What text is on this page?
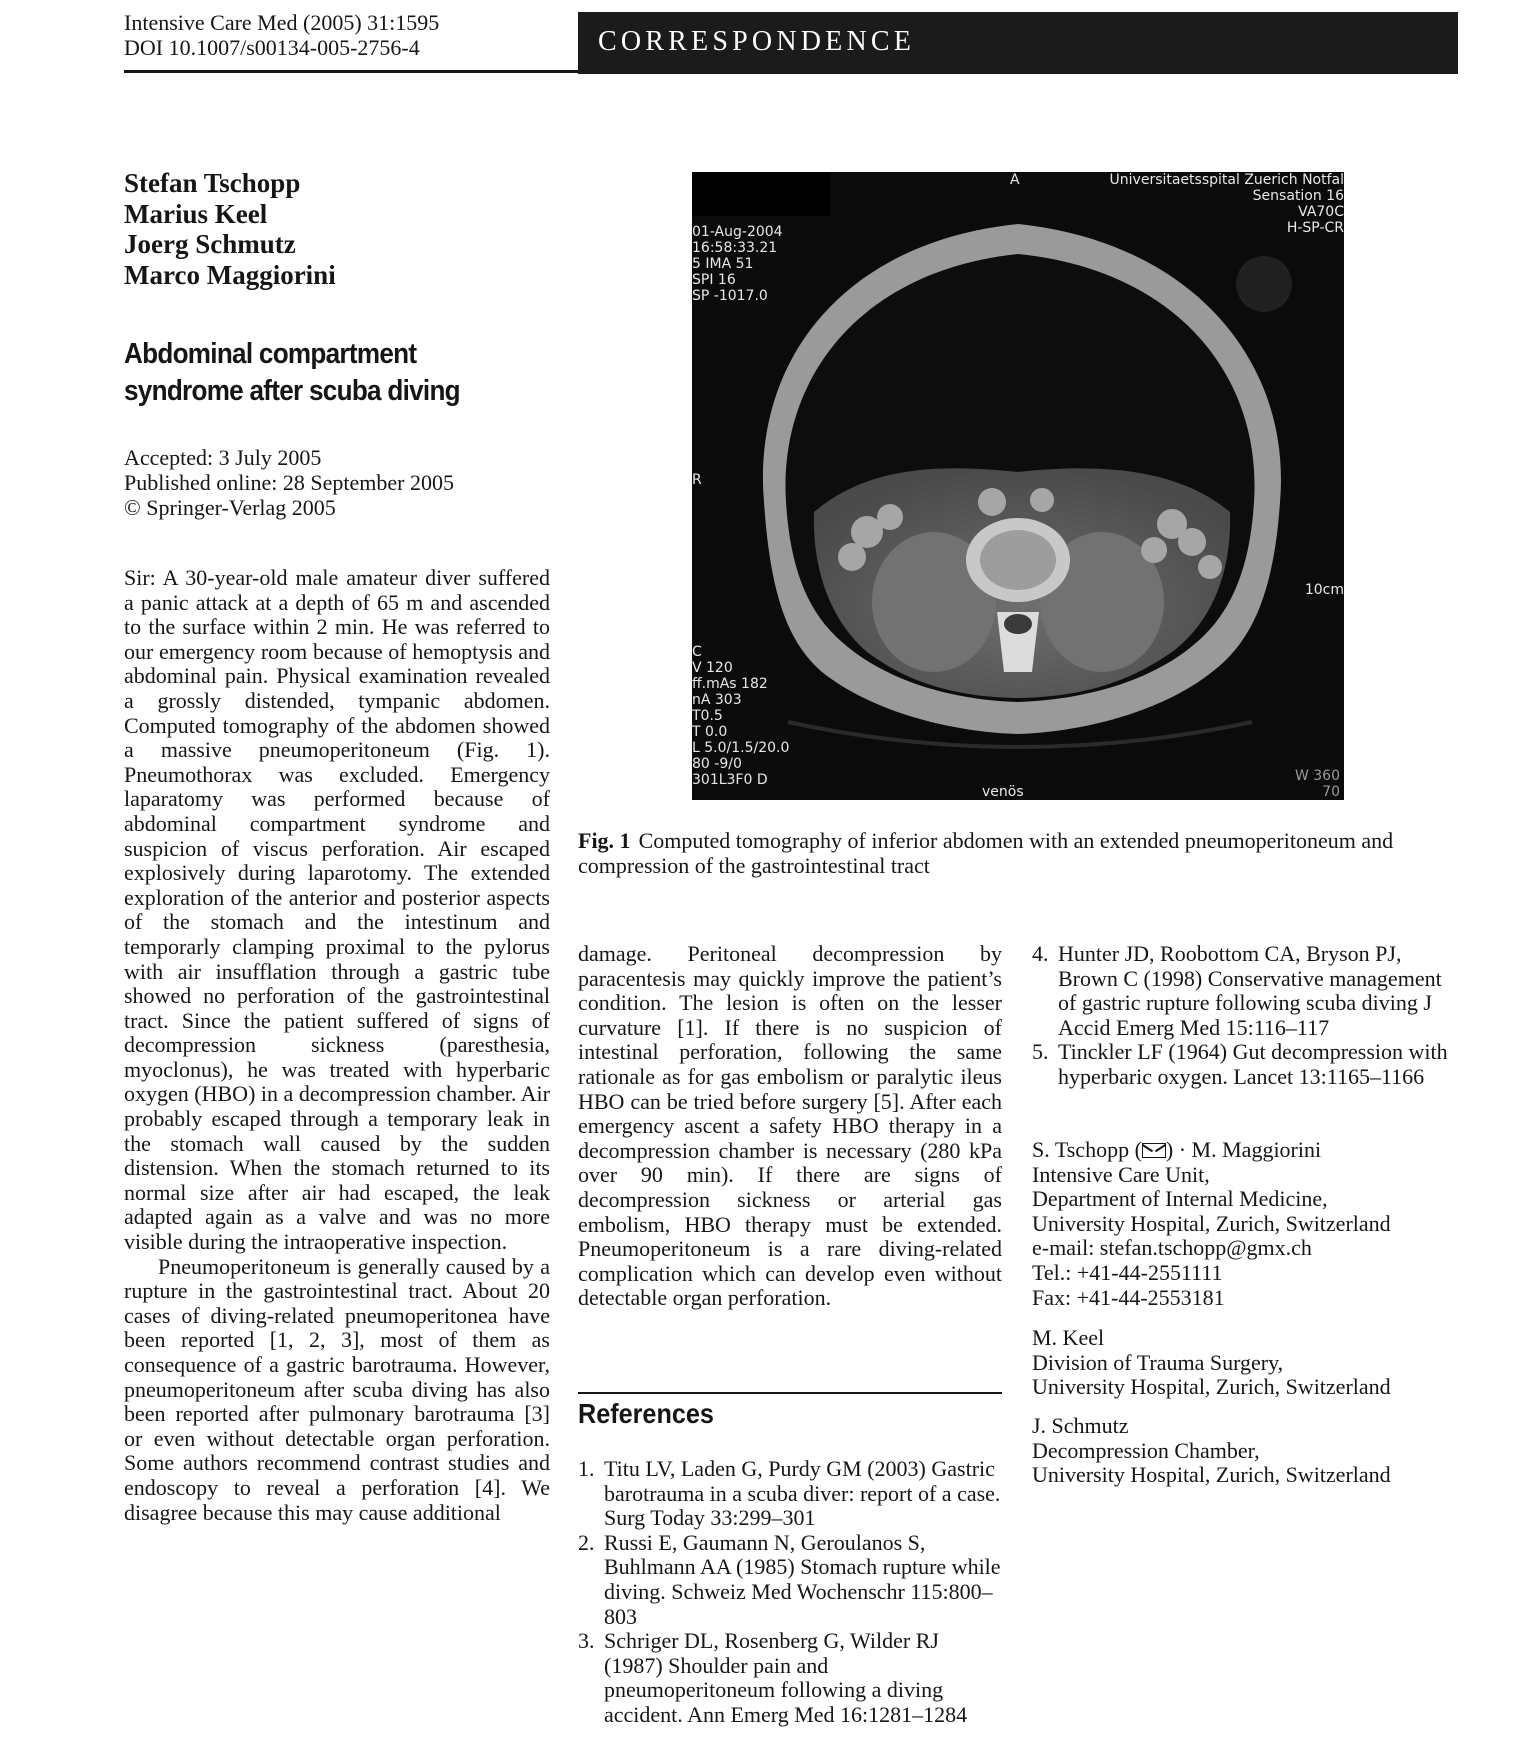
Intensive Care Med (2005) 31:1595
DOI 10.1007/s00134-005-2756-4	CORRESPONDENCE
Stefan Tschopp
Marius Keel
Joerg Schmutz
Marco Maggiorini
Abdominal compartment
syndrome after scuba diving
Accepted: 3 July 2005
Published online: 28 September 2005
© Springer-Verlag 2005

Sir: A 30-year-old male amateur diver suffered a panic attack at a depth of 65 m and ascended to the surface within 2 min. He was referred to our emergency room because of hemoptysis and abdominal pain. Physical examination revealed a grossly distended, tympanic abdomen. Computed tomography of the abdomen showed a massive pneumoperitoneum (Fig. 1). Pneumothorax was excluded. Emergency laparatomy was performed because of abdominal compartment syndrome and suspicion of viscus perforation. Air escaped explosively during laparotomy. The extended exploration of the anterior and posterior aspects of the stomach and the intestinum and temporarly clamping proximal to the pylorus with air insufflation through a gastric tube showed no perforation of the gastrointestinal tract. Since the patient suffered of signs of decompression sickness (paresthesia, myoclonus), he was treated with hyperbaric oxygen (HBO) in a decompression chamber. Air probably escaped through a temporary leak in the stomach wall caused by the sudden distension. When the stomach returned to its normal size after air had escaped, the leak adapted again as a valve and was no more visible during the intraoperative inspection.

Pneumoperitoneum is generally caused by a rupture in the gastrointestinal tract. About 20 cases of diving-related pneumoperitonea have been reported [1, 2, 3], most of them as consequence of a gastric barotrauma. However, pneumoperitoneum after scuba diving has also been reported after pulmonary barotrauma [3] or even without detectable organ perforation. Some authors recommend contrast studies and endoscopy to reveal a perforation [4]. We disagree because this may cause additional

A	Universitaetsspital Zuerich Notfal
Sensation 16
VA70C
H-SP-CR
01-Aug-2004
16:58:33.21
5 IMA 51
SPI 16
SP -1017.0
R
10cm
C
V 120
ff.mAs 182
nA 303
T0.5
T 0.0
L 5.0/1.5/20.0
80 -9/0
301L3F0 D
venös
W 360
70
Fig. 1 Computed tomography of inferior abdomen with an extended pneumoperitoneum and compression of the gastrointestinal tract

damage. Peritoneal decompression by paracentesis may quickly improve the patient’s condition. The lesion is often on the lesser curvature [1]. If there is no suspicion of intestinal perforation, following the same rationale as for gas embolism or paralytic ileus HBO can be tried before surgery [5]. After each emergency ascent a safety HBO therapy in a decompression chamber is necessary (280 kPa over 90 min). If there are signs of decompression sickness or arterial gas embolism, HBO therapy must be extended. Pneumoperitoneum is a rare diving-related complication which can develop even without detectable organ perforation.

References
1. Titu LV, Laden G, Purdy GM (2003) Gastric barotrauma in a scuba diver: report of a case. Surg Today 33:299–301
2. Russi E, Gaumann N, Geroulanos S, Buhlmann AA (1985) Stomach rupture while diving. Schweiz Med Wochenschr 115:800–803
3. Schriger DL, Rosenberg G, Wilder RJ (1987) Shoulder pain and pneumoperitoneum following a diving accident. Ann Emerg Med 16:1281–1284
4. Hunter JD, Roobottom CA, Bryson PJ, Brown C (1998) Conservative management of gastric rupture following scuba diving J Accid Emerg Med 15:116–117
5. Tinckler LF (1964) Gut decompression with hyperbaric oxygen. Lancet 13:1165–1166
S. Tschopp ( ) · M. Maggiorini
Intensive Care Unit,
Department of Internal Medicine,
University Hospital, Zurich, Switzerland
e-mail: stefan.tschopp@gmx.ch
Tel.: +41-44-2551111
Fax: +41-44-2553181
M. Keel
Division of Trauma Surgery,
University Hospital, Zurich, Switzerland
J. Schmutz
Decompression Chamber,
University Hospital, Zurich, Switzerland
